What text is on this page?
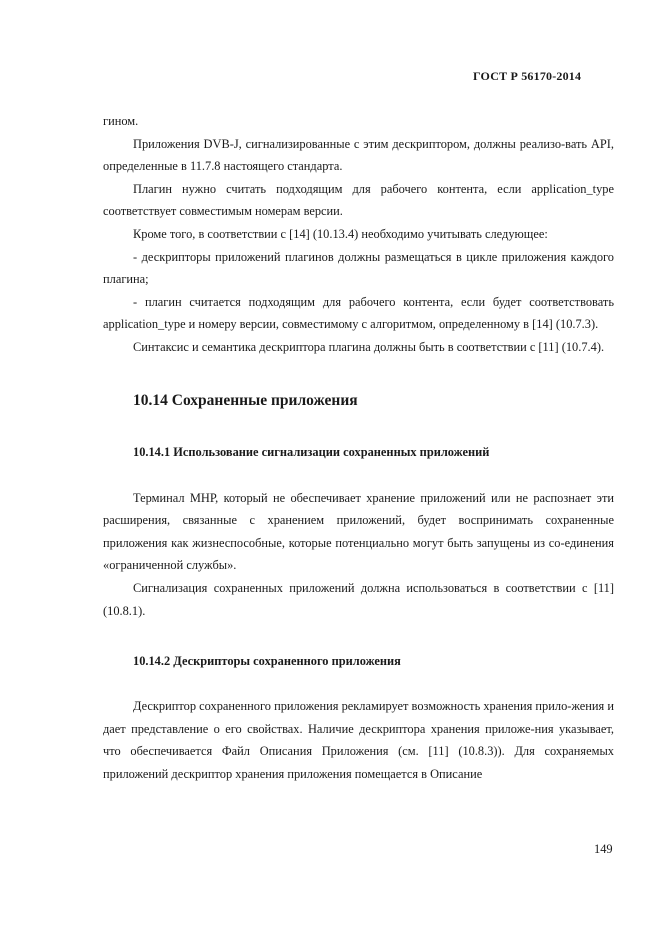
ГОСТ Р 56170-2014

гином.

Приложения DVB-J, сигнализированные с этим дескриптором, должны реализо-вать API, определенные в 11.7.8 настоящего стандарта.

Плагин нужно считать подходящим для рабочего контента, если application_type соответствует совместимым номерам версии.

Кроме того, в соответствии с [14] (10.13.4) необходимо учитывать следующее:

- дескрипторы приложений плагинов должны размещаться в цикле приложения каждого плагина;

- плагин считается подходящим для рабочего контента, если будет соответствовать application_type и номеру версии, совместимому с алгоритмом, определенному в [14] (10.7.3).

Синтаксис и семантика дескриптора плагина должны быть в соответствии с [11] (10.7.4).

10.14 Сохраненные приложения
10.14.1 Использование сигнализации сохраненных приложений

Терминал МНР, который не обеспечивает хранение приложений или не распознает эти расширения, связанные с хранением приложений, будет воспринимать сохраненные приложения как жизнеспособные, которые потенциально могут быть запущены из со-единения «ограниченной службы».

Сигнализация сохраненных приложений должна использоваться в соответствии с [11] (10.8.1).

10.14.2 Дескрипторы сохраненного приложения

Дескриптор сохраненного приложения рекламирует возможность хранения прило-жения и дает представление о его свойствах. Наличие дескриптора хранения приложе-ния указывает, что обеспечивается Файл Описания Приложения (см. [11] (10.8.3)). Для сохраняемых приложений дескриптор хранения приложения помещается в Описание

149
